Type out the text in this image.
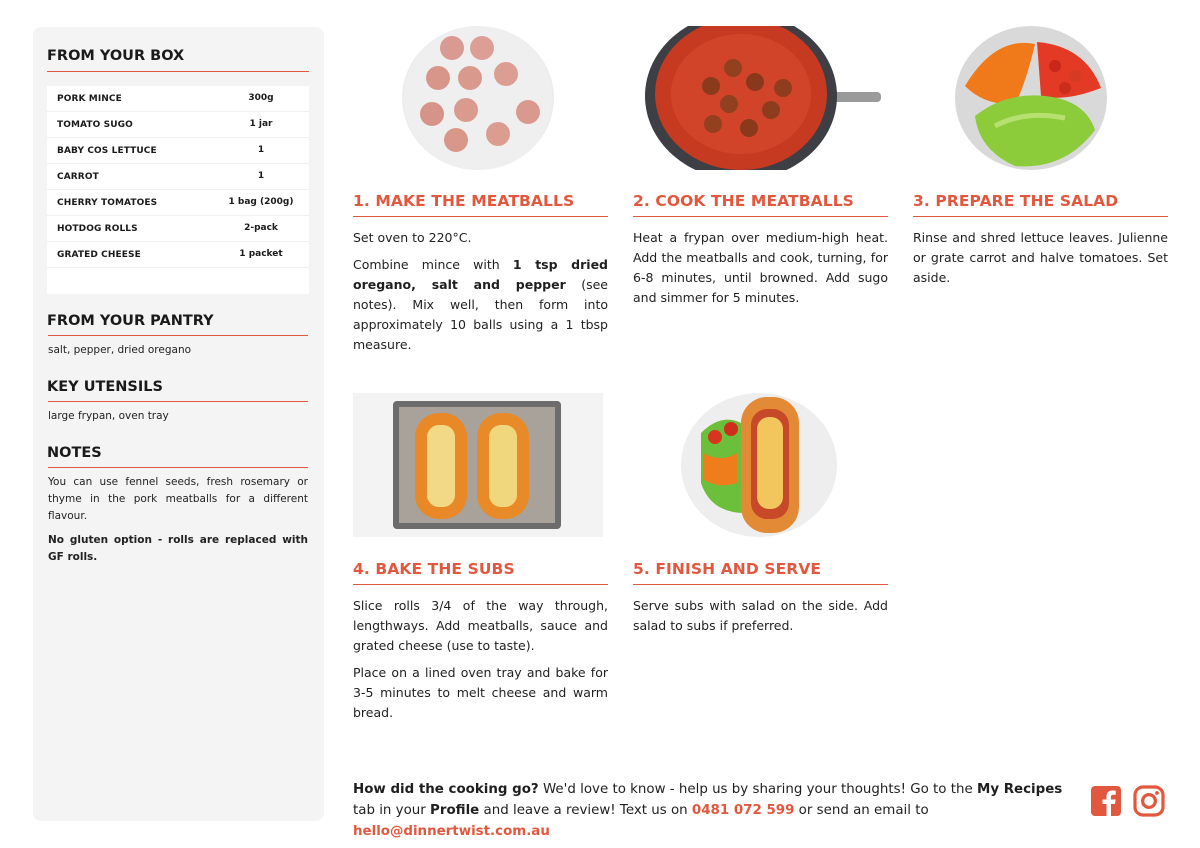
FROM YOUR BOX
PORK MINCE	300g
TOMATO SUGO	1 jar
BABY COS LETTUCE	1
CARROT	1
CHERRY TOMATOES	1 bag (200g)
HOTDOG ROLLS	2-pack
GRATED CHEESE	1 packet
FROM YOUR PANTRY
salt, pepper, dried oregano
KEY UTENSILS
large frypan, oven tray
NOTES

You can use fennel seeds, fresh rosemary or thyme in the pork meatballs for a different flavour.

No gluten option - rolls are replaced with GF rolls.

1. MAKE THE MEATBALLS

Set oven to 220°C.

Combine mince with 1 tsp dried oregano, salt and pepper (see notes). Mix well, then form into approximately 10 balls using a 1 tbsp measure.

2. COOK THE MEATBALLS

Heat a frypan over medium-high heat. Add the meatballs and cook, turning, for 6-8 minutes, until browned. Add sugo and simmer for 5 minutes.

3. PREPARE THE SALAD

Rinse and shred lettuce leaves. Julienne or grate carrot and halve tomatoes. Set aside.

4. BAKE THE SUBS

Slice rolls 3/4 of the way through, lengthways. Add meatballs, sauce and grated cheese (use to taste).

Place on a lined oven tray and bake for 3-5 minutes to melt cheese and warm bread.

5. FINISH AND SERVE

Serve subs with salad on the side. Add salad to subs if preferred.

How did the cooking go? We'd love to know - help us by sharing your thoughts! Go to the My Recipes tab in your Profile and leave a review! Text us on 0481 072 599 or send an email to hello@dinnertwist.com.au
